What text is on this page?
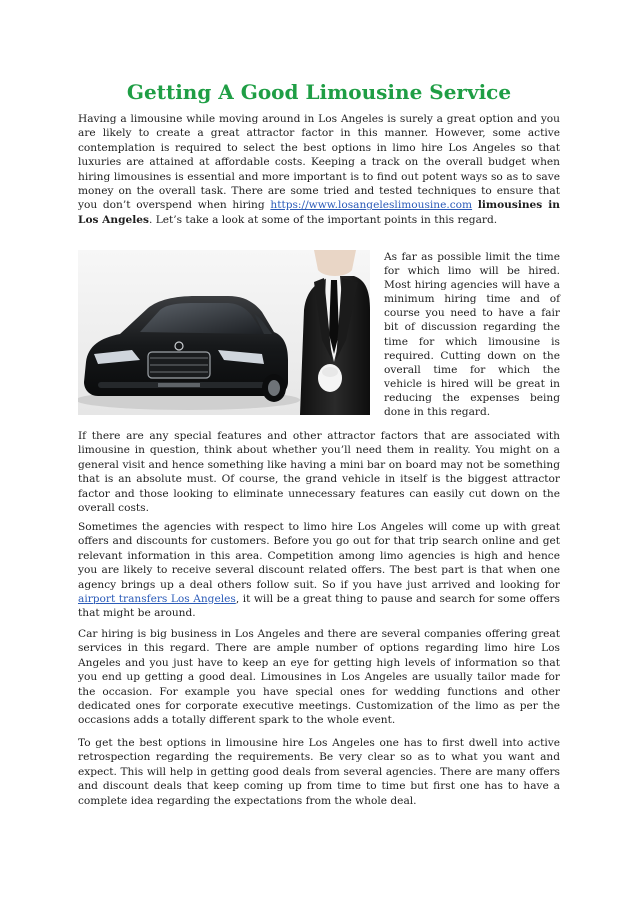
Getting A Good Limousine Service

Having a limousine while moving around in Los Angeles is surely a great option and you are likely to create a great attractor factor in this manner. However, some active contemplation is required to select the best options in limo hire Los Angeles so that luxuries are attained at affordable costs. Keeping a track on the overall budget when hiring limousines is essential and more important is to find out potent ways so as to save money on the overall task. There are some tried and tested techniques to ensure that you don’t overspend when hiring https://www.losangeleslimousine.com limousines in Los Angeles. Let’s take a look at some of the important points in this regard.

As far as possible limit the time for which limo will be hired. Most hiring agencies will have a minimum hiring time and of course you need to have a fair bit of discussion regarding the time for which limousine is required. Cutting down on the overall time for which the vehicle is hired will be great in reducing the expenses being done in this regard.

If there are any special features and other attractor factors that are associated with limousine in question, think about whether you’ll need them in reality. You might on a general visit and hence something like having a mini bar on board may not be something that is an absolute must. Of course, the grand vehicle in itself is the biggest attractor factor and those looking to eliminate unnecessary features can easily cut down on the overall costs.

Sometimes the agencies with respect to limo hire Los Angeles will come up with great offers and discounts for customers. Before you go out for that trip search online and get relevant information in this area. Competition among limo agencies is high and hence you are likely to receive several discount related offers. The best part is that when one agency brings up a deal others follow suit. So if you have just arrived and looking for airport transfers Los Angeles, it will be a great thing to pause and search for some offers that might be around.

Car hiring is big business in Los Angeles and there are several companies offering great services in this regard. There are ample number of options regarding limo hire Los Angeles and you just have to keep an eye for getting high levels of information so that you end up getting a good deal. Limousines in Los Angeles are usually tailor made for the occasion. For example you have special ones for wedding functions and other dedicated ones for corporate executive meetings. Customization of the limo as per the occasions adds a totally different spark to the whole event.

To get the best options in limousine hire Los Angeles one has to first dwell into active retrospection regarding the requirements. Be very clear so as to what you want and expect. This will help in getting good deals from several agencies. There are many offers and discount deals that keep coming up from time to time but first one has to have a complete idea regarding the expectations from the whole deal.
